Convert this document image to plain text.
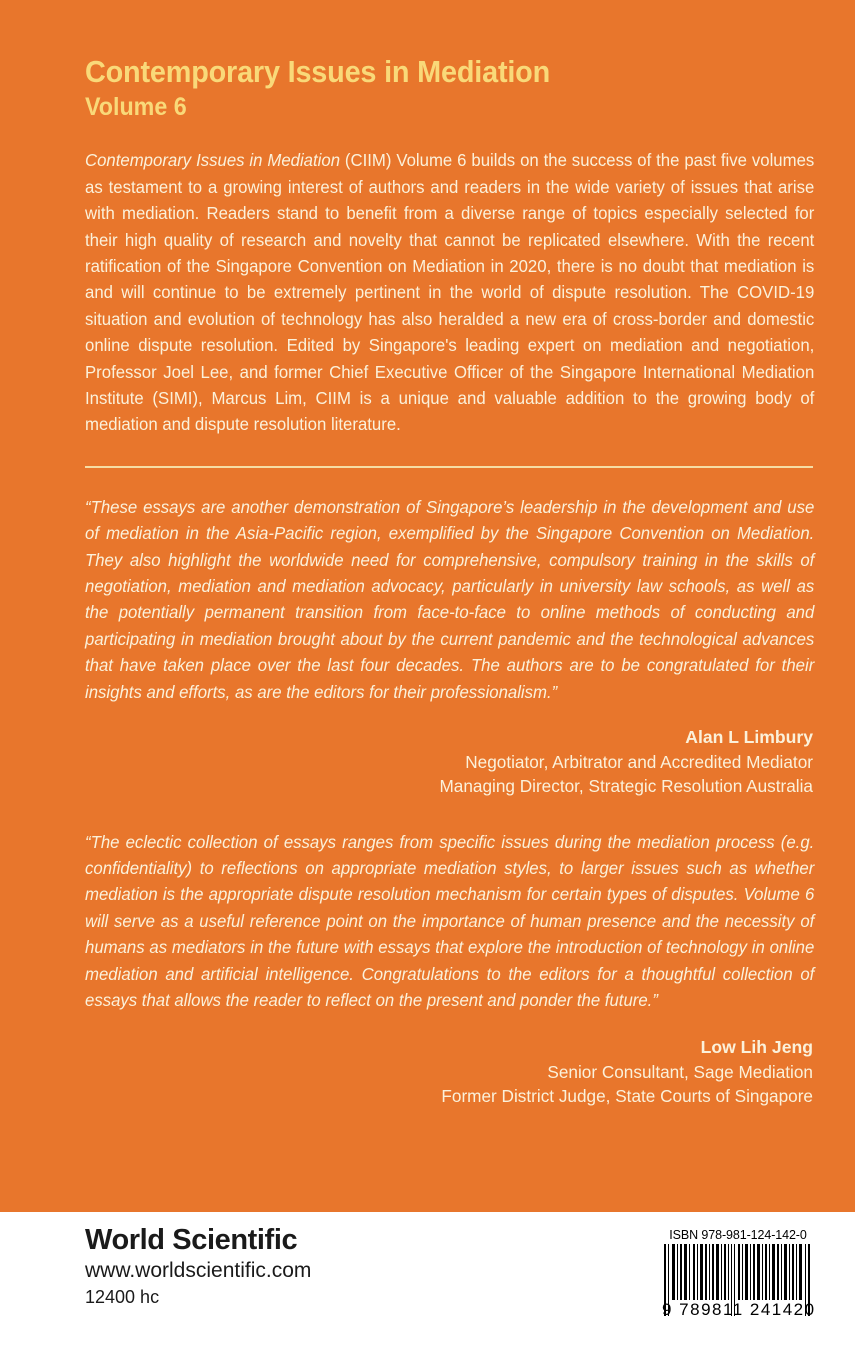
Contemporary Issues in Mediation
Volume 6

Contemporary Issues in Mediation (CIIM) Volume 6 builds on the success of the past five volumes as testament to a growing interest of authors and readers in the wide variety of issues that arise with mediation. Readers stand to benefit from a diverse range of topics especially selected for their high quality of research and novelty that cannot be replicated elsewhere. With the recent ratification of the Singapore Convention on Mediation in 2020, there is no doubt that mediation is and will continue to be extremely pertinent in the world of dispute resolution. The COVID-19 situation and evolution of technology has also heralded a new era of cross-border and domestic online dispute resolution. Edited by Singapore's leading expert on mediation and negotiation, Professor Joel Lee, and former Chief Executive Officer of the Singapore International Mediation Institute (SIMI), Marcus Lim, CIIM is a unique and valuable addition to the growing body of mediation and dispute resolution literature.

“These essays are another demonstration of Singapore’s leadership in the development and use of mediation in the Asia-Pacific region, exemplified by the Singapore Convention on Mediation. They also highlight the worldwide need for comprehensive, compulsory training in the skills of negotiation, mediation and mediation advocacy, particularly in university law schools, as well as the potentially permanent transition from face-to-face to online methods of conducting and participating in mediation brought about by the current pandemic and the technological advances that have taken place over the last four decades. The authors are to be congratulated for their insights and efforts, as are the editors for their professionalism.”

Alan L Limbury
Negotiator, Arbitrator and Accredited Mediator
Managing Director, Strategic Resolution Australia

“The eclectic collection of essays ranges from specific issues during the mediation process (e.g. confidentiality) to reflections on appropriate mediation styles, to larger issues such as whether mediation is the appropriate dispute resolution mechanism for certain types of disputes. Volume 6 will serve as a useful reference point on the importance of human presence and the necessity of humans as mediators in the future with essays that explore the introduction of technology in online mediation and artificial intelligence. Congratulations to the editors for a thoughtful collection of essays that allows the reader to reflect on the present and ponder the future.”

Low Lih Jeng
Senior Consultant, Sage Mediation
Former District Judge, State Courts of Singapore
World Scientific
www.worldscientific.com
12400 hc
ISBN 978-981-124-142-0
9 789811 241420
